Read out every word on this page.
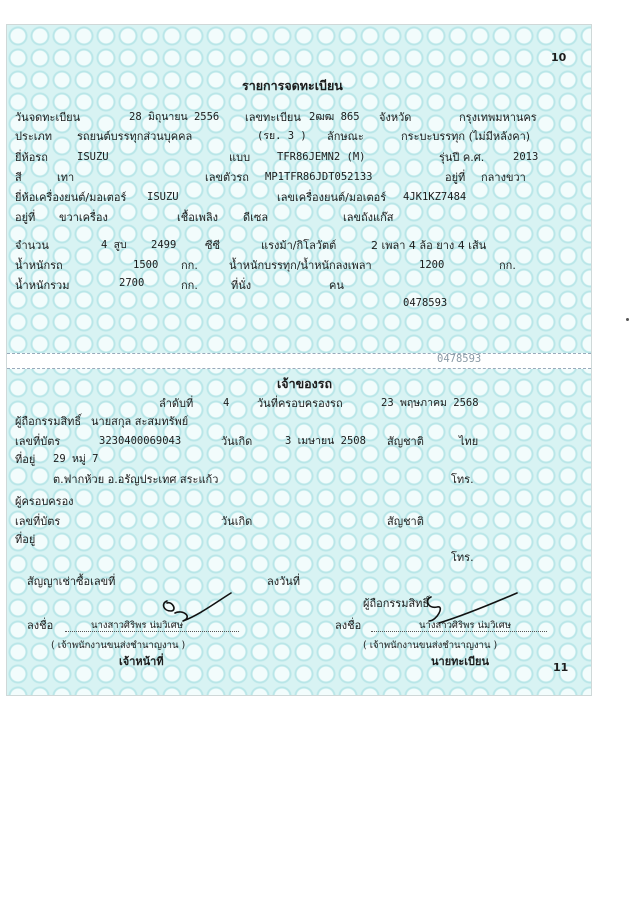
10
รายการจดทะเบียน
วันจดทะเบียน	28 มิถุนายน 2556 เลขทะเบียน 2ฒฒ 865 จังหวัด	กรุงเทพมหานคร
ประเภท รถยนต์บรรทุกส่วนบุคคล	(รย. 3 ) ลักษณะ	กระบะบรรทุก (ไม่มีหลังคา)
ยี่ห้อรถ	ISUZU	แบบ	TFR86JEMN2 (M)	รุ่นปี ค.ศ.	2013
สี	เทา	เลขตัวรถ MP1TFR86JDT052133	อยู่ที่ กลางขวา
ยี่ห้อเครื่องยนต์/มอเตอร์ ISUZU	เลขเครื่องยนต์/มอเตอร์ 4JK1KZ7484
อยู่ที่ ขวาเครื่อง	เชื้อเพลิง ดีเซล	เลขถังแก๊ส
จำนวน	4 สูบ 2499	ซีซี	แรงม้า/กิโลวัตต์	2 เพลา 4 ล้อ ยาง 4 เส้น
น้ำหนักรถ	1500 กก.	น้ำหนักบรรทุก/น้ำหนักลงเพลา	1200	กก.
น้ำหนักรวม	2700	กก.	ที่นั่ง	คน
0478593
0478593
เจ้าของรถ
ลำดับที่	4	วันที่ครอบครองรถ	23 พฤษภาคม 2568
ผู้ถือกรรมสิทธิ์ นายสกุล สะสมทรัพย์
เลขที่บัตร	3230400069043	วันเกิด	3 เมษายน 2508 สัญชาติ	ไทย
ที่อยู่ 29 หมู่ 7
ต.ฟากห้วย อ.อรัญประเทศ สระแก้ว	โทร.
ผู้ครอบครอง
เลขที่บัตร	วันเกิด	สัญชาติ
ที่อยู่
โทร.
สัญญาเช่าซื้อเลขที่	ลงวันที่
ผู้ถือกรรมสิทธิ์
ลงชื่อ	นางสาวศิริพร น่มวิเศษ
( เจ้าพนักงานขนส่งชำนาญงาน )
เจ้าหน้าที่
ลงชื่อ	นางสาวศิริพร น่มวิเศษ
( เจ้าพนักงานขนส่งชำนาญงาน )
นายทะเบียน	11
